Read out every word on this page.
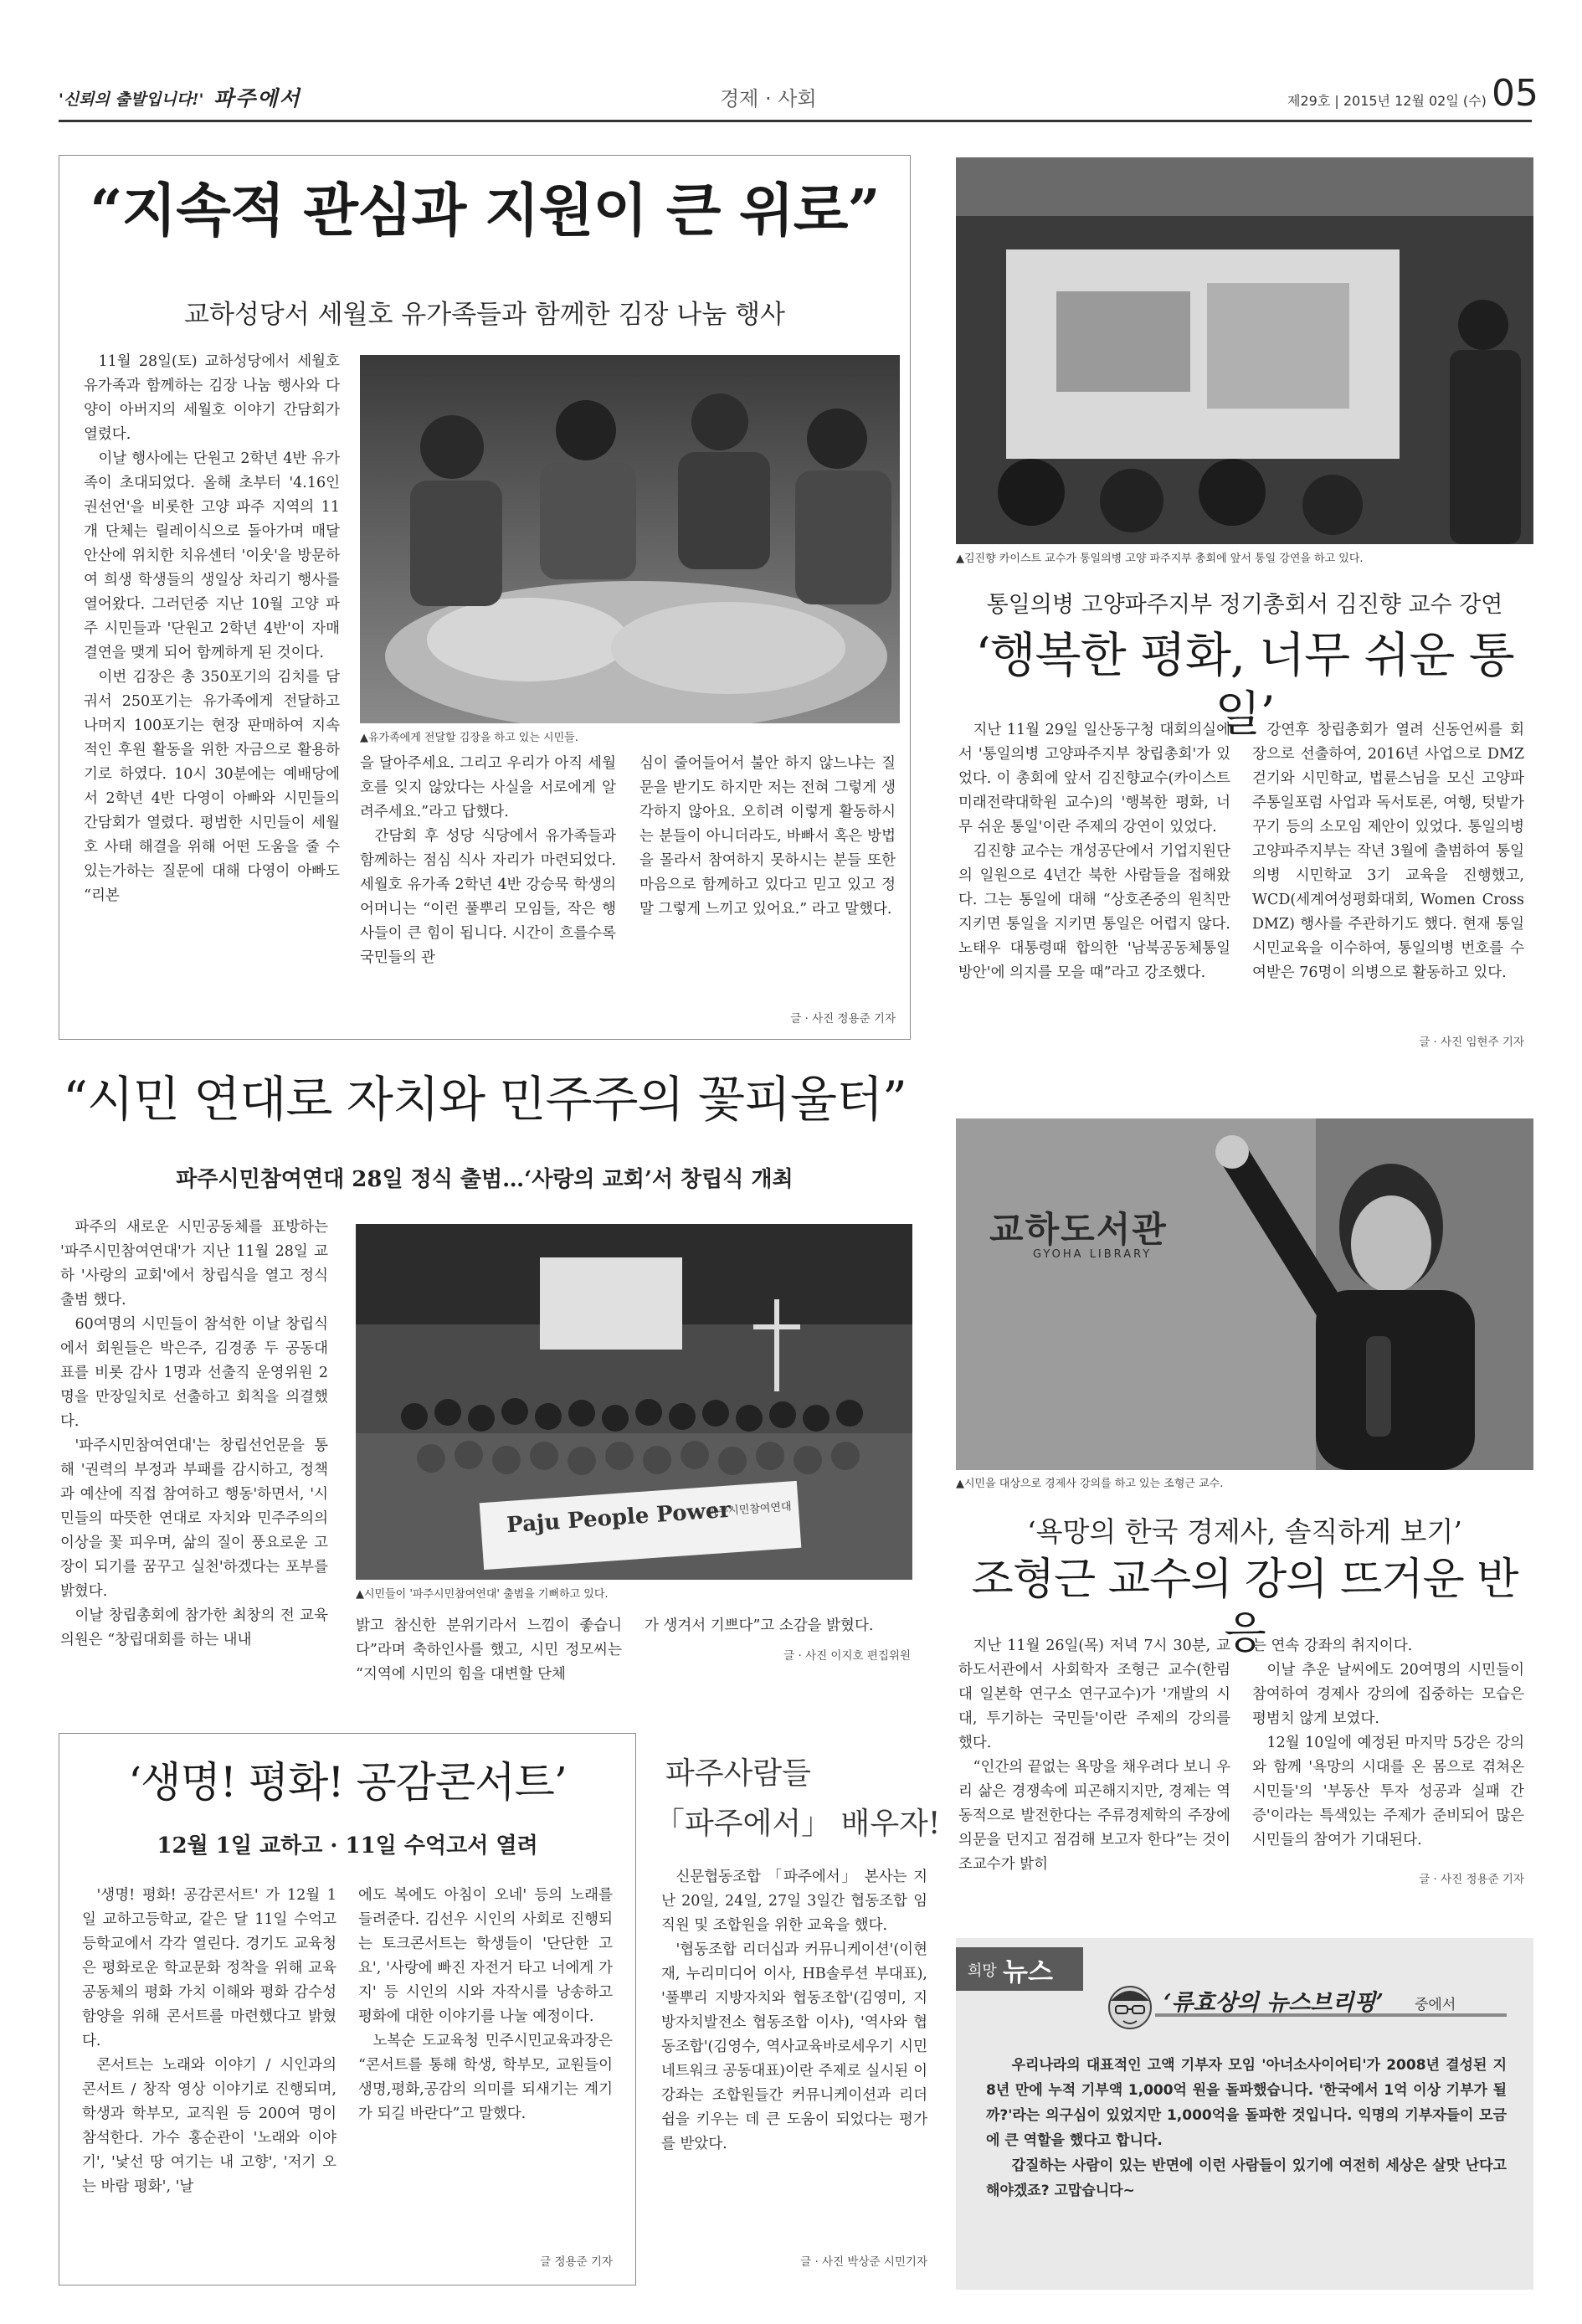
'신뢰의 출발입니다!' 파주에서	경제 · 사회	제29호 | 2015년 12월 02일 (수) 05
“지속적 관심과 지원이 큰 위로”
교하성당서 세월호 유가족들과 함께한 김장 나눔 행사

11월 28일(토) 교하성당에서 세월호 유가족과 함께하는 김장 나눔 행사와 다양이 아버지의 세월호 이야기 간담회가 열렸다.

이날 행사에는 단원고 2학년 4반 유가족이 초대되었다. 올해 초부터 '4.16인권선언'을 비롯한 고양 파주 지역의 11개 단체는 릴레이식으로 돌아가며 매달 안산에 위치한 치유센터 '이웃'을 방문하여 희생 학생들의 생일상 차리기 행사를 열어왔다. 그러던중 지난 10월 고양 파주 시민들과 '단원고 2학년 4반'이 자매결연을 맺게 되어 함께하게 된 것이다.

이번 김장은 총 350포기의 김치를 담궈서 250포기는 유가족에게 전달하고 나머지 100포기는 현장 판매하여 지속적인 후원 활동을 위한 자금으로 활용하기로 하였다. 10시 30분에는 예배당에서 2학년 4반 다영이 아빠와 시민들의 간담회가 열렸다. 평범한 시민들이 세월호 사태 해결을 위해 어떤 도움을 줄 수 있는가하는 질문에 대해 다영이 아빠도 “리본

▲유가족에게 전달할 김장을 하고 있는 시민들.

을 달아주세요. 그리고 우리가 아직 세월호를 잊지 않았다는 사실을 서로에게 알려주세요.”라고 답했다.

간담회 후 성당 식당에서 유가족들과 함께하는 점심 식사 자리가 마련되었다. 세월호 유가족 2학년 4반 강승묵 학생의 어머니는 “이런 풀뿌리 모임들, 작은 행사들이 큰 힘이 됩니다. 시간이 흐를수록 국민들의 관

심이 줄어들어서 불안 하지 않느냐는 질문을 받기도 하지만 저는 전혀 그렇게 생각하지 않아요. 오히려 이렇게 활동하시는 분들이 아니더라도, 바빠서 혹은 방법을 몰라서 참여하지 못하시는 분들 또한 마음으로 함께하고 있다고 믿고 있고 정말 그렇게 느끼고 있어요.” 라고 말했다.

글 · 사진 정용준 기자
▲김진향 카이스트 교수가 통일의병 고양 파주지부 총회에 앞서 통일 강연을 하고 있다.
통일의병 고양파주지부 정기총회서 김진향 교수 강연
‘행복한 평화, 너무 쉬운 통일’

지난 11월 29일 일산동구청 대회의실에서 '통일의병 고양파주지부 창립총회'가 있었다. 이 총회에 앞서 김진향교수(카이스트 미래전략대학원 교수)의 '행복한 평화, 너무 쉬운 통일'이란 주제의 강연이 있었다.

김진향 교수는 개성공단에서 기업지원단의 일원으로 4년간 북한 사람들을 접해왔다. 그는 통일에 대해 “상호존중의 원칙만 지키면 통일을 지키면 통일은 어렵지 않다. 노태우 대통령때 합의한 '남북공동체통일방안'에 의지를 모을 때”라고 강조했다.

강연후 창립총회가 열려 신동언씨를 회장으로 선출하여, 2016년 사업으로 DMZ걷기와 시민학교, 법륜스님을 모신 고양파주통일포럼 사업과 독서토론, 여행, 텃밭가꾸기 등의 소모임 제안이 있었다. 통일의병 고양파주지부는 작년 3월에 출범하여 통일의병 시민학교 3기 교육을 진행했고, WCD(세계여성평화대회, Women Cross DMZ) 행사를 주관하기도 했다. 현재 통일시민교육을 이수하여, 통일의병 번호를 수여받은 76명이 의병으로 활동하고 있다.

글 · 사진 임현주 기자
“시민 연대로 자치와 민주주의 꽃피울터”
파주시민참여연대 28일 정식 출범…‘사랑의 교회’서 창립식 개최

파주의 새로운 시민공동체를 표방하는 '파주시민참여연대'가 지난 11월 28일 교하 '사랑의 교회'에서 창립식을 열고 정식출범 했다.

60여명의 시민들이 참석한 이날 창립식에서 회원들은 박은주, 김경종 두 공동대표를 비롯 감사 1명과 선출직 운영위원 2명을 만장일치로 선출하고 회칙을 의결했다.

'파주시민참여연대'는 창립선언문을 통해 '권력의 부정과 부패를 감시하고, 정책과 예산에 직접 참여하고 행동'하면서, '시민들의 따뜻한 연대로 자치와 민주주의의 이상을 꽃 피우며, 삶의 질이 풍요로운 고장이 되기를 꿈꾸고 실천'하겠다는 포부를 밝혔다.

이날 창립총회에 참가한 최창의 전 교육의원은 “창립대회를 하는 내내

Paju People Power
파주시민참여연대
▲시민들이 '파주시민참여연대' 출범을 기뻐하고 있다.

밝고 참신한 분위기라서 느낌이 좋습니다”라며 축하인사를 했고, 시민 정모씨는 “지역에 시민의 힘을 대변할 단체

가 생겨서 기쁘다”고 소감을 밝혔다.

글 · 사진 이지호 편집위원
교하도서관
GYOHA LIBRARY
▲시민을 대상으로 경제사 강의를 하고 있는 조형근 교수.
‘욕망의 한국 경제사, 솔직하게 보기’
조형근 교수의 강의 뜨거운 반응

지난 11월 26일(목) 저녁 7시 30분, 교하도서관에서 사회학자 조형근 교수(한림대 일본학 연구소 연구교수)가 '개발의 시대, 투기하는 국민들'이란 주제의 강의를 했다.

“인간의 끝없는 욕망을 채우려다 보니 우리 삶은 경쟁속에 피곤해지지만, 경제는 역동적으로 발전한다는 주류경제학의 주장에 의문을 던지고 점검해 보고자 한다”는 것이 조교수가 밝히

는 연속 강좌의 취지이다.

이날 추운 날씨에도 20여명의 시민들이 참여하여 경제사 강의에 집중하는 모습은 평범치 않게 보였다.

12월 10일에 예정된 마지막 5강은 강의와 함께 '욕망의 시대를 온 몸으로 겪쳐온 시민들'의 '부동산 투자 성공과 실패 간증'이라는 특색있는 주제가 준비되어 많은 시민들의 참여가 기대된다.

글 · 사진 정용준 기자
‘생명! 평화! 공감콘서트’
12월 1일 교하고 · 11일 수억고서 열려

'생명! 평화! 공감콘서트' 가 12월 1일 교하고등학교, 같은 달 11일 수억고등학교에서 각각 열린다. 경기도 교육청은 평화로운 학교문화 정착을 위해 교육공동체의 평화 가치 이해와 평화 감수성 함양을 위해 콘서트를 마련했다고 밝혔다.

콘서트는 노래와 이야기 / 시인과의 콘서트 / 창작 영상 이야기로 진행되며, 학생과 학부모, 교직원 등 200여 명이 참석한다. 가수 홍순관이 '노래와 이야기', '낯선 땅 여기는 내 고향', '저기 오는 바람 평화', '날

에도 복에도 아침이 오네' 등의 노래를 들려준다. 김선우 시인의 사회로 진행되는 토크콘서트는 학생들이 '단단한 고요', '사랑에 빠진 자전거 타고 너에게 가지' 등 시인의 시와 자작시를 낭송하고 평화에 대한 이야기를 나눌 예정이다.

노복순 도교육청 민주시민교육과장은 “콘서트를 통해 학생, 학부모, 교원들이 생명,평화,공감의 의미를 되새기는 계기가 되길 바란다”고 말했다.

글 정용준 기자
파주사람들
「파주에서」 배우자!

신문협동조합 「파주에서」 본사는 지난 20일, 24일, 27일 3일간 협동조합 임직원 및 조합원을 위한 교육을 했다.

'협동조합 리더십과 커뮤니케이션'(이현재, 누리미디어 이사, HB솔루션 부대표), '풀뿌리 지방자치와 협동조합'(김영미, 지방자치발전소 협동조합 이사), '역사와 협동조합'(김영수, 역사교육바로세우기 시민네트워크 공동대표)이란 주제로 실시된 이 강좌는 조합원들간 커뮤니케이션과 리더쉽을 키우는 데 큰 도움이 되었다는 평가를 받았다.

글 · 사진 박상준 시민기자
희망 뉴스
‘류효상의 뉴스브리핑’ 중에서

우리나라의 대표적인 고액 기부자 모임 '아너소사이어티'가 2008년 결성된 지 8년 만에 누적 기부액 1,000억 원을 돌파했습니다. '한국에서 1억 이상 기부가 될까?'라는 의구심이 있었지만 1,000억을 돌파한 것입니다. 익명의 기부자들이 모금에 큰 역할을 했다고 합니다.

갑질하는 사람이 있는 반면에 이런 사람들이 있기에 여전히 세상은 살맛 난다고 해야겠죠? 고맙습니다~
